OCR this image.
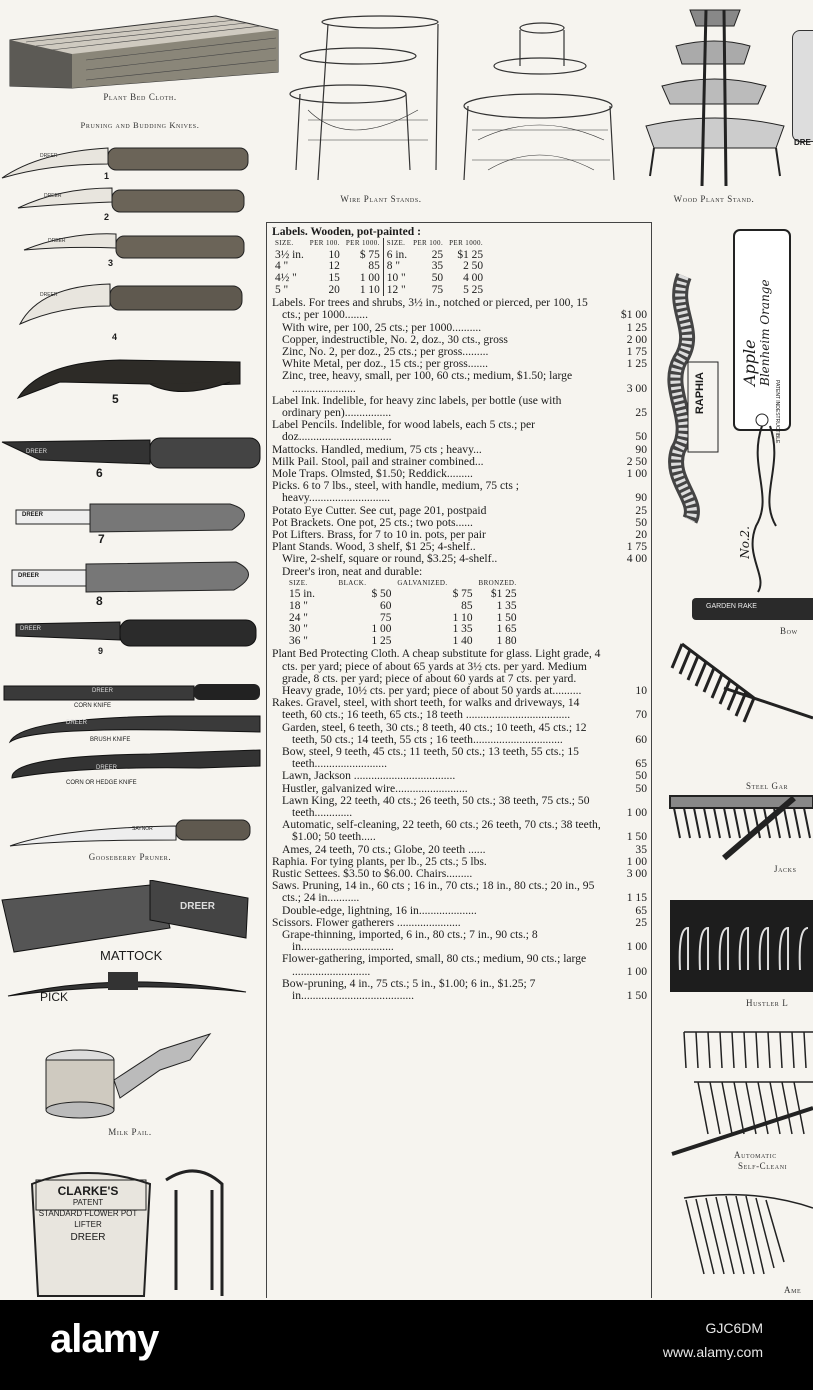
Plant Bed Cloth.
Pruning and Budding Knives.
1
2
3
4
5
6
7
8
9
DREER
DREER
DREER
DREER
DREER
DREER
DREER
DREER
DREER
CORN KNIFE
DREER
BRUSH KNIFE
DREER
CORN OR HEDGE KNIFE
SAYNOR
Gooseberry Pruner.
DREER
MATTOCK
PICK
Milk Pail.
CLARKE'S
PATENT
STANDARD FLOWER POT
LIFTER
DREER
Wire Plant Stands.	Wood Plant Stand.
DRE
RAPHIA
Apple Blenheim Orange
PATENT INDESTRUCTIBLE
No.2.
GARDEN RAKE
Bow
Steel Gar
Jacks
Hustler L
Automatic
Self-Cleani
Ame
Labels. Wooden, pot-painted :
SIZE.	PER 100.	PER 1000.	SIZE.	PER 100.	PER 1000.
3½ in.	10	$ 75	6 in.	25	$1 25
4 "	12	85	8 "	35	2 50
4½ "	15	1 00	10 "	50	4 00
5 "	20	1 10	12 "	75	5 25
Labels. For trees and shrubs, 3½ in., notched or pierced, per 100, 15 cts.; per 1000........	$1 00
With wire, per 100, 25 cts.; per 1000..........	1 25
Copper, indestructible, No. 2, doz., 30 cts., gross	2 00
Zinc, No. 2, per doz., 25 cts.; per gross.........	1 75
White Metal, per doz., 15 cts.; per gross.......	1 25
Zinc, tree, heavy, small, per 100, 60 cts.; medium, $1.50; large ......................	3 00
Label Ink. Indelible, for heavy zinc labels, per bottle (use with ordinary pen)................	25
Label Pencils. Indelible, for wood labels, each 5 cts.; per doz................................	50
Mattocks. Handled, medium, 75 cts ; heavy...	90
Milk Pail. Stool, pail and strainer combined...	2 50
Mole Traps. Olmsted, $1.50; Reddick.........	1 00
Picks. 6 to 7 lbs., steel, with handle, medium, 75 cts ; heavy............................	90
Potato Eye Cutter. See cut, page 201, postpaid	25
Pot Brackets. One pot, 25 cts.; two pots......	50
Pot Lifters. Brass, for 7 to 10 in. pots, per pair	20
Plant Stands. Wood, 3 shelf, $1 25; 4-shelf..	1 75
Wire, 2-shelf, square or round, $3.25; 4-shelf..	4 00
Dreer's iron, neat and durable:
SIZE.	BLACK.	GALVANIZED.	BRONZED.
15 in.	$ 50	$ 75	$1 25
18 "	60	85	1 35
24 "	75	1 10	1 50
30 "	1 00	1 35	1 65
36 "	1 25	1 40	1 80
Plant Bed Protecting Cloth. A cheap substitute for glass. Light grade, 4 cts. per yard; piece of about 65 yards at 3½ cts. per yard. Medium grade, 8 cts. per yard; piece of about 60 yards at 7 cts. per yard. Heavy grade, 10½ cts. per yard; piece of about 50 yards at..........	10
Rakes. Gravel, steel, with short teeth, for walks and driveways, 14 teeth, 60 cts.; 16 teeth, 65 cts.; 18 teeth ....................................	70
Garden, steel, 6 teeth, 30 cts.; 8 teeth, 40 cts.; 10 teeth, 45 cts.; 12 teeth, 50 cts.; 14 teeth, 55 cts ; 16 teeth...............................	60
Bow, steel, 9 teeth, 45 cts.; 11 teeth, 50 cts.; 13 teeth, 55 cts.; 15 teeth.........................	65
Lawn, Jackson ...................................	50
Hustler, galvanized wire.........................	50
Lawn King, 22 teeth, 40 cts.; 26 teeth, 50 cts.; 38 teeth, 75 cts.; 50 teeth.............	1 00
Automatic, self-cleaning, 22 teeth, 60 cts.; 26 teeth, 70 cts.; 38 teeth, $1.00; 50 teeth.....	1 50
Ames, 24 teeth, 70 cts.; Globe, 20 teeth ......	35
Raphia. For tying plants, per lb., 25 cts.; 5 lbs.	1 00
Rustic Settees. $3.50 to $6.00. Chairs.........	3 00
Saws. Pruning, 14 in., 60 cts ; 16 in., 70 cts.; 18 in., 80 cts.; 20 in., 95 cts.; 24 in...........	1 15
Double-edge, lightning, 16 in....................	65
Scissors. Flower gatherers ......................	25
Grape-thinning, imported, 6 in., 80 cts.; 7 in., 90 cts.; 8 in................................	1 00
Flower-gathering, imported, small, 80 cts.; medium, 90 cts.; large ...........................	1 00
Bow-pruning, 4 in., 75 cts.; 5 in., $1.00; 6 in., $1.25; 7 in.......................................	1 50
alamy	GJC6DM
www.alamy.com
